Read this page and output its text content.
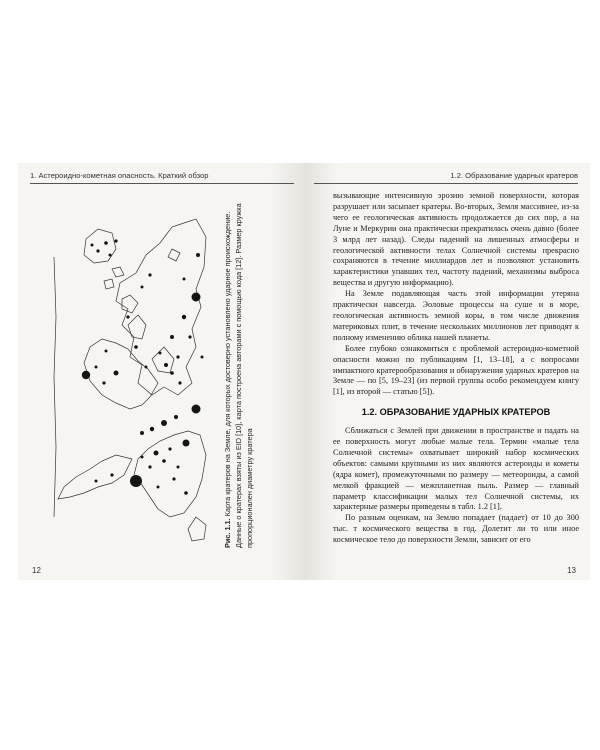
1. Астероидно-кометная опасность. Краткий обзор
Рис. 1.1. Карта кратеров на Земле, для которых достоверно установлено ударное происхождение. Данные о кратерах взяты из EID [10], карта построена авторами с помощью кода [12]. Размер кружка пропорционален диаметру кратера
12
1.2. Образование ударных кратеров

вызывающие интенсивную эрозию земной поверхности, которая разрушает или засыпает кратеры. Во-вторых, Земля массивнее, из-за чего ее геологическая активность продолжается до сих пор, а на Луне и Меркурии она практически прекратилась очень давно (более 3 млрд лет назад). Следы падений на лишенных атмосферы и геологической активности телах Солнечной системы прекрасно сохраняются в течение миллиардов лет и позволяют установить характеристики упавших тел, частоту падений, механизмы выброса вещества и другую информацию).

На Земле подавляющая часть этой информации утеряна практически навсегда. Эоловые процессы на суше и в море, геологическая активность земной коры, в том числе движения материковых плит, в течение нескольких миллионов лет приводят к полному изменению облика нашей планеты.

Более глубоко ознакомиться с проблемой астероидно-кометной опасности можно по публикациям [1, 13–18], а с вопросами импактного кратерообразования и обнаружения ударных кратеров на Земле — по [5, 19–23] (из первой группы особо рекомендуем книгу [1], из второй — статью [5]).

1.2. ОБРАЗОВАНИЕ УДАРНЫХ КРАТЕРОВ

Сближаться с Землей при движении в пространстве и падать на ее поверхность могут любые малые тела. Термин «малые тела Солнечной системы» охватывает широкий набор космических объектов: самыми крупными из них являются астероиды и кометы (ядра комет), промежуточными по размеру — метеороиды, а самой мелкой фракцией — межпланетная пыль. Размер — главный параметр классификации малых тел Солнечной системы, их характерные размеры приведены в табл. 1.2 [1].

По разным оценкам, на Землю попадает (падает) от 10 до 300 тыс. т космического вещества в год. Долетит ли то или иное космическое тело до поверхности Земли, зависит от его

13
